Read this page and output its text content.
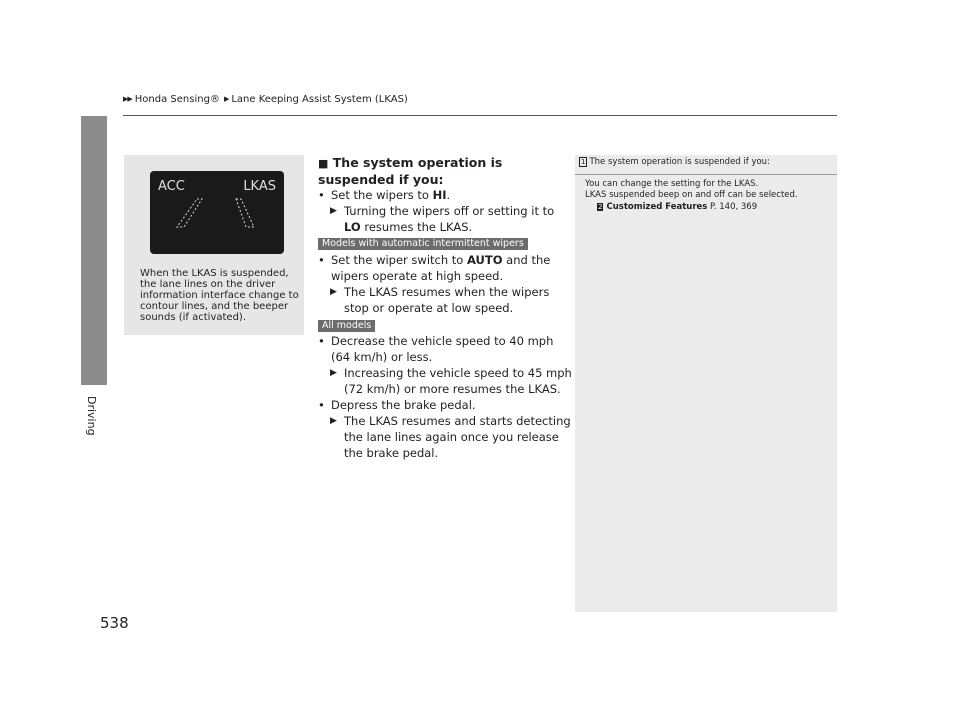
▶▶ Honda Sensing® ▶ Lane Keeping Assist System (LKAS)
Driving
538
ACC	LKAS
When the LKAS is suspended, the lane lines on the driver information interface change to contour lines, and the beeper sounds (if activated).
■ The system operation is suspended if you:
• Set the wipers to HI.
▶ Turning the wipers off or setting it to LO resumes the LKAS.
Models with automatic intermittent wipers
• Set the wiper switch to AUTO and the wipers operate at high speed.
▶ The LKAS resumes when the wipers stop or operate at low speed.
All models
• Decrease the vehicle speed to 40 mph (64 km/h) or less.
▶ Increasing the vehicle speed to 45 mph (72 km/h) or more resumes the LKAS.
• Depress the brake pedal.
▶ The LKAS resumes and starts detecting the lane lines again once you release the brake pedal.
1 The system operation is suspended if you:
You can change the setting for the LKAS.
LKAS suspended beep on and off can be selected.
2 Customized Features P. 140, 369
